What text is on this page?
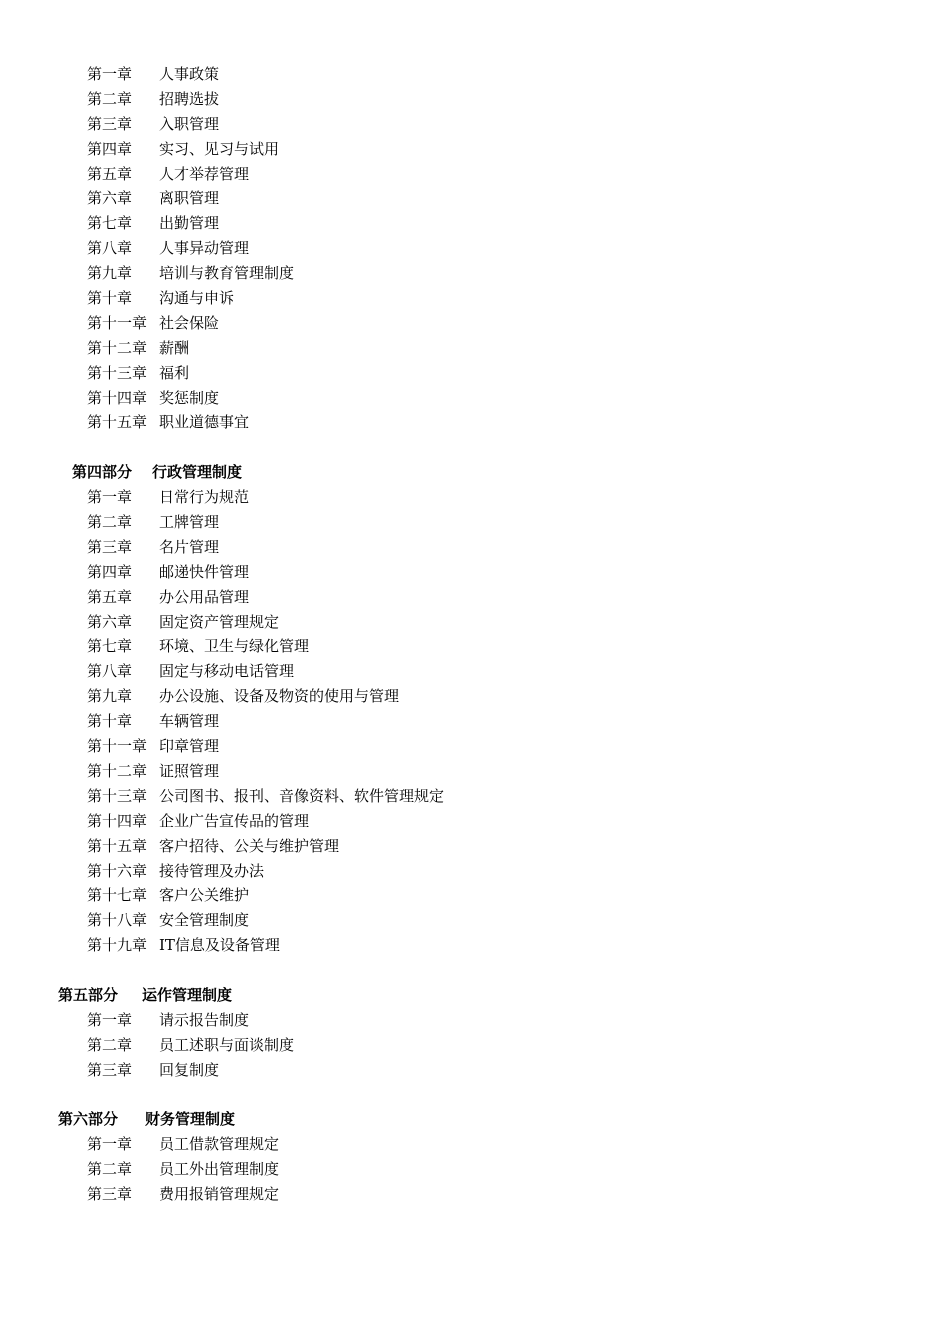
第一章 人事政策
第二章 招聘选拔
第三章 入职管理
第四章 实习、见习与试用
第五章 人才举荐管理
第六章 离职管理
第七章 出勤管理
第八章 人事异动管理
第九章 培训与教育管理制度
第十章 沟通与申诉
第十一章 社会保险
第十二章 薪酬
第十三章 福利
第十四章 奖惩制度
第十五章 职业道德事宜
第四部分 行政管理制度
第一章 日常行为规范
第二章 工牌管理
第三章 名片管理
第四章 邮递快件管理
第五章 办公用品管理
第六章 固定资产管理规定
第七章 环境、卫生与绿化管理
第八章 固定与移动电话管理
第九章 办公设施、设备及物资的使用与管理
第十章 车辆管理
第十一章 印章管理
第十二章 证照管理
第十三章 公司图书、报刊、音像资料、软件管理规定
第十四章 企业广告宣传品的管理
第十五章 客户招待、公关与维护管理
第十六章 接待管理及办法
第十七章 客户公关维护
第十八章 安全管理制度
第十九章 IT信息及设备管理
第五部分 运作管理制度
第一章 请示报告制度
第二章 员工述职与面谈制度
第三章 回复制度
第六部分 财务管理制度
第一章 员工借款管理规定
第二章 员工外出管理制度
第三章 费用报销管理规定
